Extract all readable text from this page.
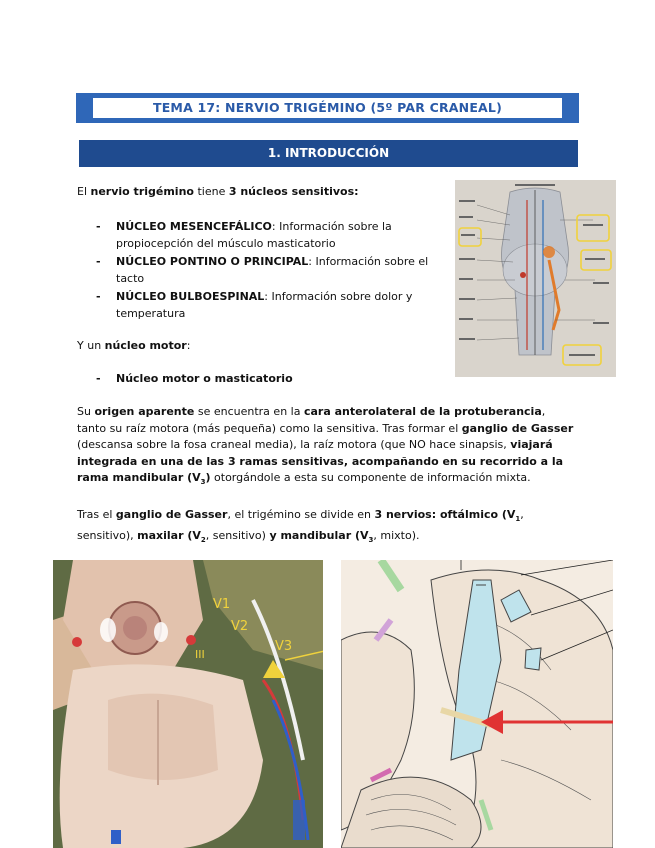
TEMA 17: NERVIO TRIGÉMINO (5º PAR CRANEAL)
1. INTRODUCCIÓN
El nervio trigémino tiene 3 núcleos sensitivos:
- NÚCLEO MESENCEFÁLICO: Información sobre la propiocepción del músculo masticatorio
- NÚCLEO PONTINO O PRINCIPAL: Información sobre el tacto
- NÚCLEO BULBOESPINAL: Información sobre dolor y temperatura
Y un núcleo motor:
- Núcleo motor o masticatorio
Su origen aparente se encuentra en la cara anterolateral de la protuberancia, tanto su raíz motora (más pequeña) como la sensitiva. Tras formar el ganglio de Gasser (descansa sobre la fosa craneal media), la raíz motora (que NO hace sinapsis, viajará integrada en una de las 3 ramas sensitivas, acompañando en su recorrido a la rama mandibular $(V_3)$ otorgándole a esta su componente de información mixta.
Tras el ganglio de Gasser, el trigémino se divide en 3 nervios: oftálmico ($V_1$, sensitivo), maxilar ($V_2$, sensitivo) y mandibular ($V_3$, mixto).
V1
V2
V3
III
